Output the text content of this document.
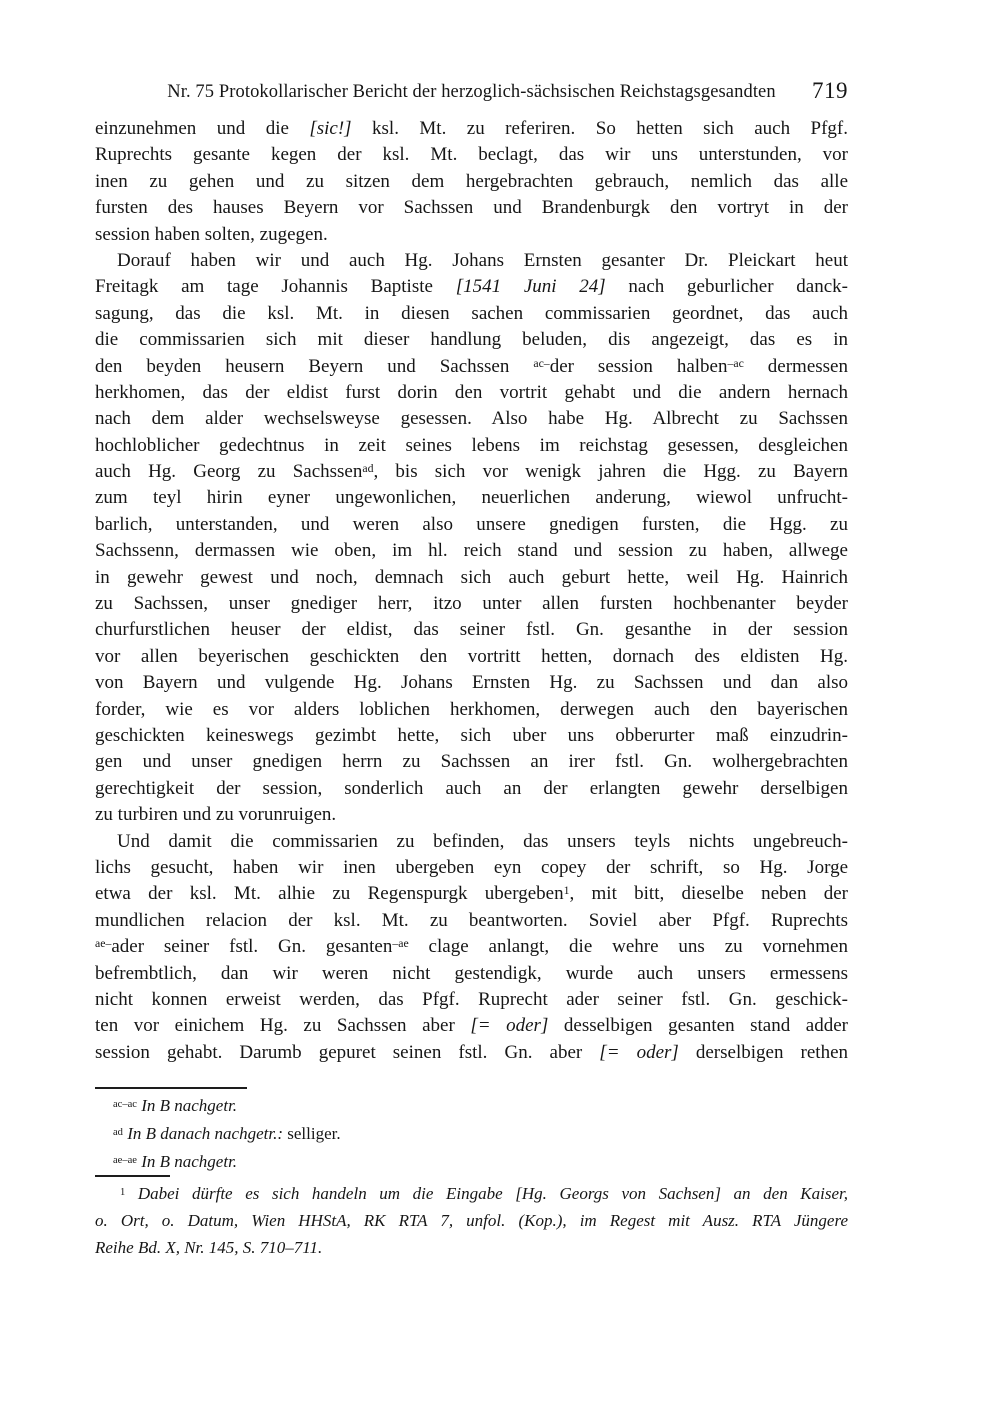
Nr. 75 Protokollarischer Bericht der herzoglich-sächsischen Reichstagsgesandten 719
einzunehmen und die [sic!] ksl. Mt. zu referiren. So hetten sich auch Pfgf.
Ruprechts gesante kegen der ksl. Mt. beclagt, das wir uns unterstunden, vor
inen zu gehen und zu sitzen dem hergebrachten gebrauch, nemlich das alle
fursten des hauses Beyern vor Sachssen und Brandenburgk den vortryt in der
session haben solten, zugegen.
Dorauf haben wir und auch Hg. Johans Ernsten gesanter Dr. Pleickart heut
Freitagk am tage Johannis Baptiste [1541 Juni 24] nach geburlicher danck-
sagung, das die ksl. Mt. in diesen sachen commissarien geordnet, das auch
die commissarien sich mit dieser handlung beluden, dis angezeigt, das es in
den beyden heusern Beyern und Sachssen $^{ac-}$der session halben$^{-ac}$ dermessen
herkhomen, das der eldist furst dorin den vortrit gehabt und die andern hernach
nach dem alder wechselsweyse gesessen. Also habe Hg. Albrecht zu Sachssen
hochloblicher gedechtnus in zeit seines lebens im reichstag gesessen, desgleichen
auch Hg. Georg zu Sachssen$^{ad}$, bis sich vor wenigk jahren die Hgg. zu Bayern
zum teyl hirin eyner ungewonlichen, neuerlichen anderung, wiewol unfrucht-
barlich, unterstanden, und weren also unsere gnedigen fursten, die Hgg. zu
Sachssenn, dermassen wie oben, im hl. reich stand und session zu haben, allwege
in gewehr gewest und noch, demnach sich auch geburt hette, weil Hg. Hainrich
zu Sachssen, unser gnediger herr, itzo unter allen fursten hochbenanter beyder
churfurstlichen heuser der eldist, das seiner fstl. Gn. gesanthe in der session
vor allen beyerischen geschickten den vortritt hetten, dornach des eldisten Hg.
von Bayern und vulgende Hg. Johans Ernsten Hg. zu Sachssen und dan also
forder, wie es vor alders loblichen herkhomen, derwegen auch den bayerischen
geschickten keineswegs gezimbt hette, sich uber uns obberurter maß einzudrin-
gen und unser gnedigen herrn zu Sachssen an irer fstl. Gn. wolhergebrachten
gerechtigkeit der session, sonderlich auch an der erlangten gewehr derselbigen
zu turbiren und zu vorunruigen.
Und damit die commissarien zu befinden, das unsers teyls nichts ungebreuch-
lichs gesucht, haben wir inen ubergeben eyn copey der schrift, so Hg. Jorge
etwa der ksl. Mt. alhie zu Regenspurgk ubergeben$^1$, mit bitt, dieselbe neben der
mundlichen relacion der ksl. Mt. zu beantworten. Soviel aber Pfgf. Ruprechts
$^{ae-}$ader seiner fstl. Gn. gesanten$^{-ae}$ clage anlangt, die wehre uns zu vornehmen
befrembtlich, dan wir weren nicht gestendigk, wurde auch unsers ermessens
nicht konnen erweist werden, das Pfgf. Ruprecht ader seiner fstl. Gn. geschick-
ten vor einichem Hg. zu Sachssen aber [= oder] desselbigen gesanten stand adder
session gehabt. Darumb gepuret seinen fstl. Gn. aber [= oder] derselbigen rethen
$^{ac-ac}$ In B nachgetr.
$^{ad}$ In B danach nachgetr.: selliger.
$^{ae-ae}$ In B nachgetr.
$^1$ Dabei dürfte es sich handeln um die Eingabe [Hg. Georgs von Sachsen] an den Kaiser,
o. Ort, o. Datum, Wien HHStA, RK RTA 7, unfol. (Kop.), im Regest mit Ausz. RTA Jüngere
Reihe Bd. X, Nr. 145, S. 710–711.
